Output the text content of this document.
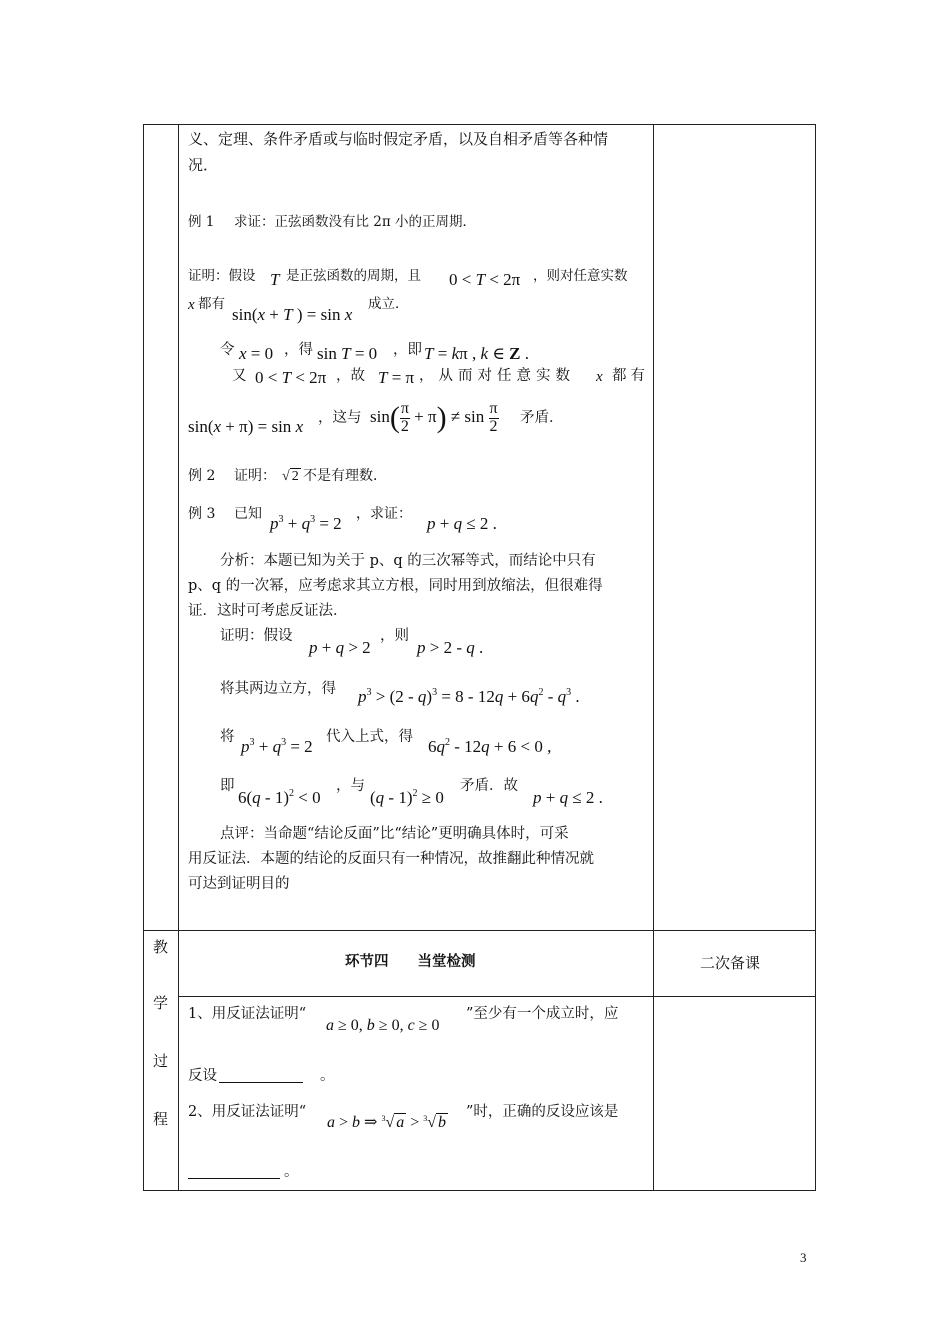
义、定理、条件矛盾或与临时假定矛盾，以及自相矛盾等各种情
况．
例 1 求证：正弦函数没有比 2π 小的正周期．
证明：假设 T 是正弦函数的周期，且 0 < T < 2π ，则对任意实数
x 都有
sin(x + T ) = sin x
成立．
令 x = 0 ，得 sin T = 0 ，即 T = kπ , k ∈ Z .
又 0 < T < 2π ，故 T = π ，从而对任意实数 x 都有
sin(x + π) = sin x ，这与 $\sin( \frac{\pi}{2} + \pi) \ne \sin \frac{\pi}{2}$ 矛盾．
例 2 证明： √ 2 不是有理数．
例 3 已知 $p^3 + q^3 = 2$ ，求证： p + q ≤ 2 .
分析：本题已知为关于 p、q 的三次幂等式，而结论中只有
p、q 的一次幂，应考虑求其立方根，同时用到放缩法，但很难得
证．这时可考虑反证法．
证明：假设
p + q > 2
，则
p > 2 - q .
将其两边立方，得 $p^3 > (2 - q)^3 = 8 - 12q + 6q^2 - q^3$ .
将 $p^3 + q^3 = 2$ 代入上式，得 $6q^2 - 12q + 6 < 0$ ,
即
6(q - 1)$^2$ < 0
，与
(q - 1)$^2$ ≥ 0
矛盾．故
p + q ≤ 2 .
点评：当命题“结论反面”比“结论”更明确具体时，可采
用反证法．本题的结论的反面只有一种情况，故推翻此种情况就
可达到证明目的
教
学
过
程
环节四　　当堂检测	二次备课
1、用反证法证明“
a ≥ 0, b ≥ 0, c ≥ 0
”至少有一个成立时，应
反设	。
2、用反证法证明“
a > b ⇒ $^3$√ a > $^3$√ b
”时，正确的反设应该是
。
3
